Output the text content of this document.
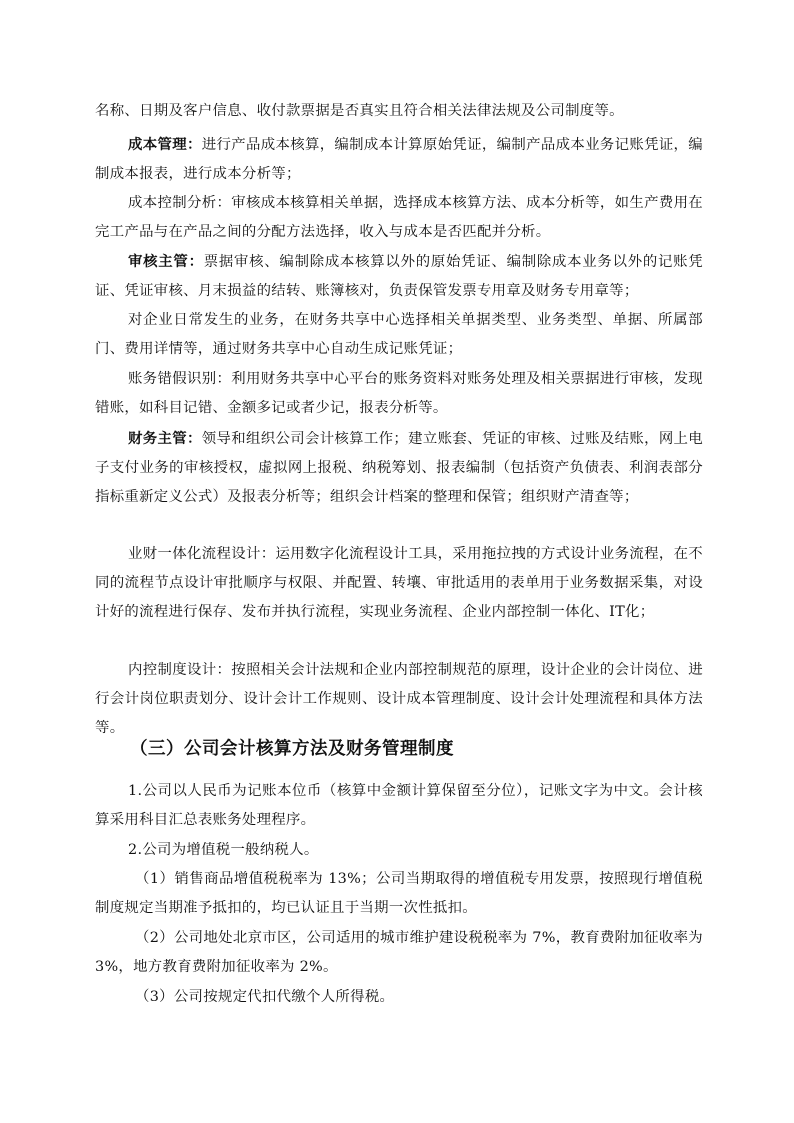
名称、日期及客户信息、收付款票据是否真实且符合相关法律法规及公司制度等。

成本管理：进行产品成本核算，编制成本计算原始凭证，编制产品成本业务记账凭证，编制成本报表，进行成本分析等；

成本控制分析：审核成本核算相关单据，选择成本核算方法、成本分析等，如生产费用在完工产品与在产品之间的分配方法选择，收入与成本是否匹配并分析。

审核主管：票据审核、编制除成本核算以外的原始凭证、编制除成本业务以外的记账凭证、凭证审核、月末损益的结转、账簿核对，负责保管发票专用章及财务专用章等；

对企业日常发生的业务，在财务共享中心选择相关单据类型、业务类型、单据、所属部门、费用详情等，通过财务共享中心自动生成记账凭证；

账务错假识别：利用财务共享中心平台的账务资料对账务处理及相关票据进行审核，发现错账，如科目记错、金额多记或者少记，报表分析等。

财务主管：领导和组织公司会计核算工作；建立账套、凭证的审核、过账及结账，网上电子支付业务的审核授权，虚拟网上报税、纳税筹划、报表编制（包括资产负债表、利润表部分指标重新定义公式）及报表分析等；组织会计档案的整理和保管；组织财产清查等；

业财一体化流程设计：运用数字化流程设计工具，采用拖拉拽的方式设计业务流程，在不同的流程节点设计审批顺序与权限、并配置、转壤、审批适用的表单用于业务数据采集，对设计好的流程进行保存、发布并执行流程，实现业务流程、企业内部控制一体化、IT化；

内控制度设计：按照相关会计法规和企业内部控制规范的原理，设计企业的会计岗位、进行会计岗位职责划分、设计会计工作规则、设计成本管理制度、设计会计处理流程和具体方法等。

（三）公司会计核算方法及财务管理制度

1.公司以人民币为记账本位币（核算中金额计算保留至分位），记账文字为中文。会计核算采用科目汇总表账务处理程序。

2.公司为增值税一般纳税人。

（1）销售商品增值税税率为 13%；公司当期取得的增值税专用发票，按照现行增值税制度规定当期准予抵扣的，均已认证且于当期一次性抵扣。

（2）公司地处北京市区，公司适用的城市维护建设税税率为 7%，教育费附加征收率为 3%，地方教育费附加征收率为 2%。

（3）公司按规定代扣代缴个人所得税。
